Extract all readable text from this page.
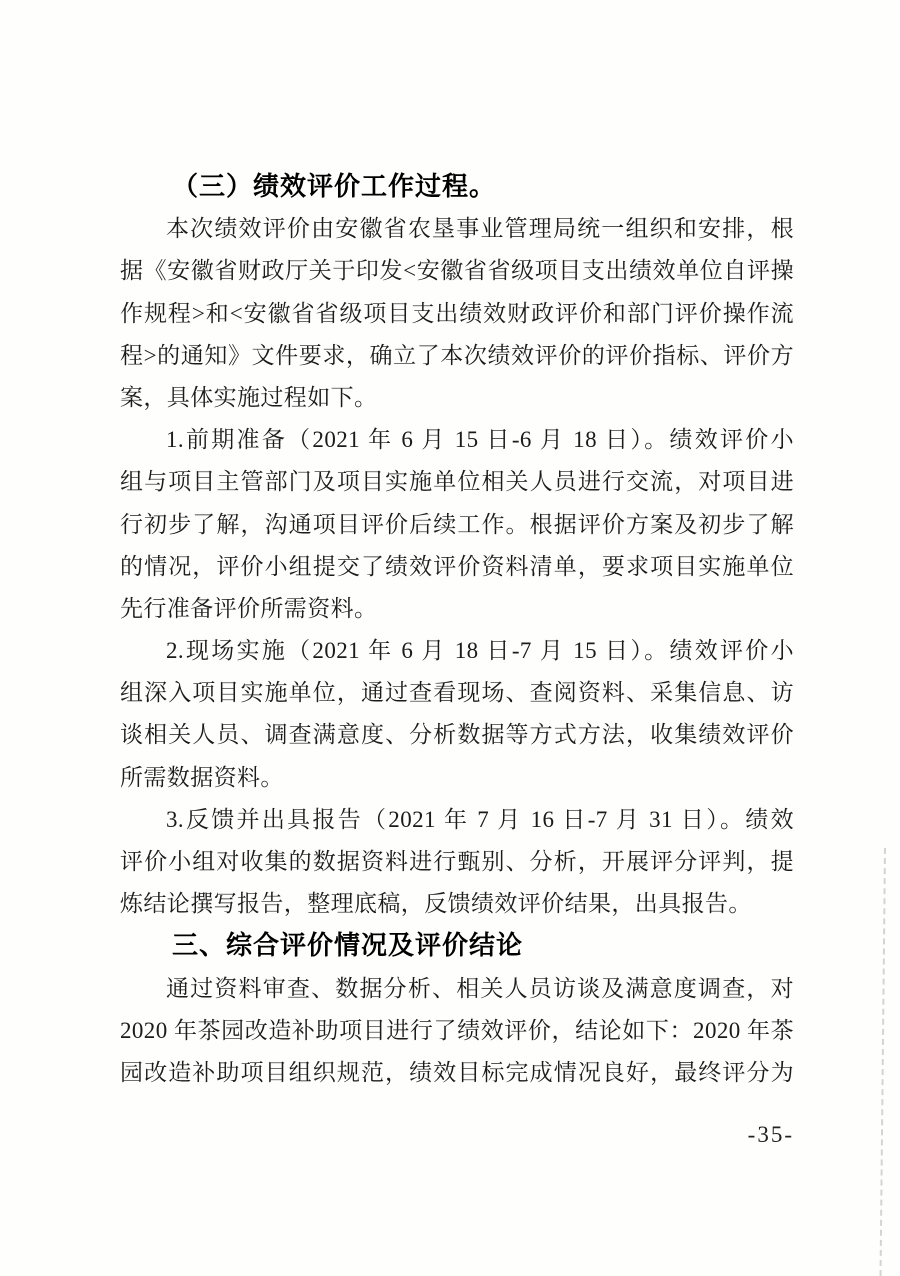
（三）绩效评价工作过程。
本次绩效评价由安徽省农垦事业管理局统一组织和安排，根
据《安徽省财政厅关于印发<安徽省省级项目支出绩效单位自评操
作规程>和<安徽省省级项目支出绩效财政评价和部门评价操作流
程>的通知》文件要求，确立了本次绩效评价的评价指标、评价方
案，具体实施过程如下。
1.前期准备（2021 年 6 月 15 日-6 月 18 日）。绩效评价小
组与项目主管部门及项目实施单位相关人员进行交流，对项目进
行初步了解，沟通项目评价后续工作。根据评价方案及初步了解
的情况，评价小组提交了绩效评价资料清单，要求项目实施单位
先行准备评价所需资料。
2.现场实施（2021 年 6 月 18 日-7 月 15 日）。绩效评价小
组深入项目实施单位，通过查看现场、查阅资料、采集信息、访
谈相关人员、调查满意度、分析数据等方式方法，收集绩效评价
所需数据资料。
3.反馈并出具报告（2021 年 7 月 16 日-7 月 31 日）。绩效
评价小组对收集的数据资料进行甄别、分析，开展评分评判，提
炼结论撰写报告，整理底稿，反馈绩效评价结果，出具报告。
三、综合评价情况及评价结论
通过资料审查、数据分析、相关人员访谈及满意度调查，对
2020 年茶园改造补助项目进行了绩效评价，结论如下：2020 年茶
园改造补助项目组织规范，绩效目标完成情况良好，最终评分为
-35-
